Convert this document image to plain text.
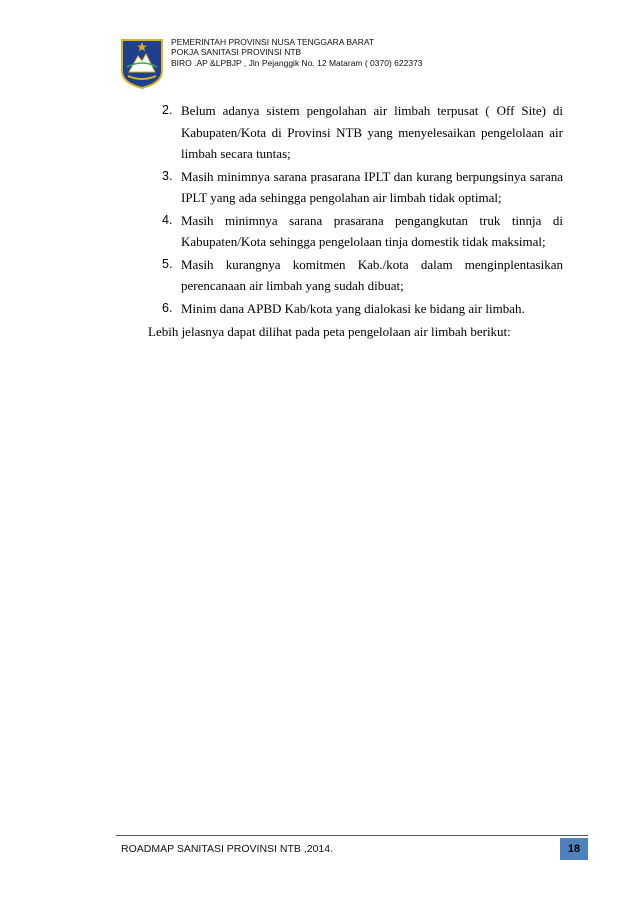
PEMERINTAH PROVINSI NUSA TENGGARA BARAT
POKJA SANITASI PROVINSI NTB
BIRO .AP &LPBJP , Jln Pejanggik No. 12 Mataram ( 0370) 622373
2. Belum adanya sistem pengolahan air limbah terpusat ( Off Site) di
Kabupaten/Kota di Provinsi NTB yang menyelesaikan pengelolaan air
limbah secara tuntas;
3. Masih minimnya sarana prasarana IPLT dan kurang berpungsinya sarana
IPLT yang ada sehingga pengolahan air limbah tidak optimal;
4. Masih minimnya sarana prasarana pengangkutan truk tinnja di
Kabupaten/Kota sehingga pengelolaan tinja domestik tidak maksimal;
5. Masih kurangnya komitmen Kab./kota dalam menginplentasikan
perencanaan air limbah yang sudah dibuat;
6. Minim dana APBD Kab/kota yang dialokasi ke bidang air limbah.
Lebih jelasnya dapat dilihat pada peta pengelolaan air limbah berikut:
ROADMAP SANITASI PROVINSI NTB ,2014.	18
